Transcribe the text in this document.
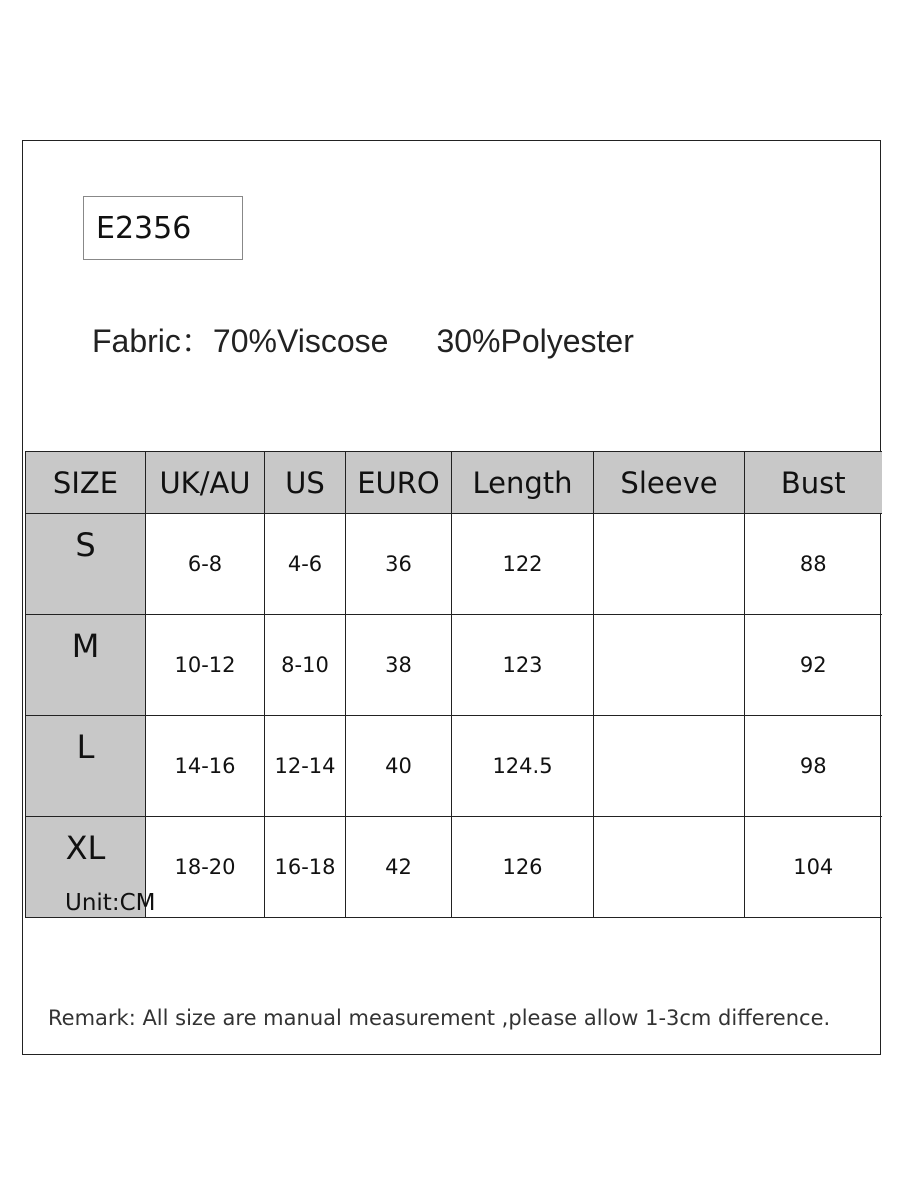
E2356
Fabric：70%Viscose 30%Polyester
SIZE	UK/AU	US	EURO	Length	Sleeve	Bust
S	6-8	4-6	36	122		88
M	10-12	8-10	38	123		92
L	14-16	12-14	40	124.5		98
XL	18-20	16-18	42	126		104
Unit:CM
Remark: All size are manual measurement ,please allow 1-3cm difference.
